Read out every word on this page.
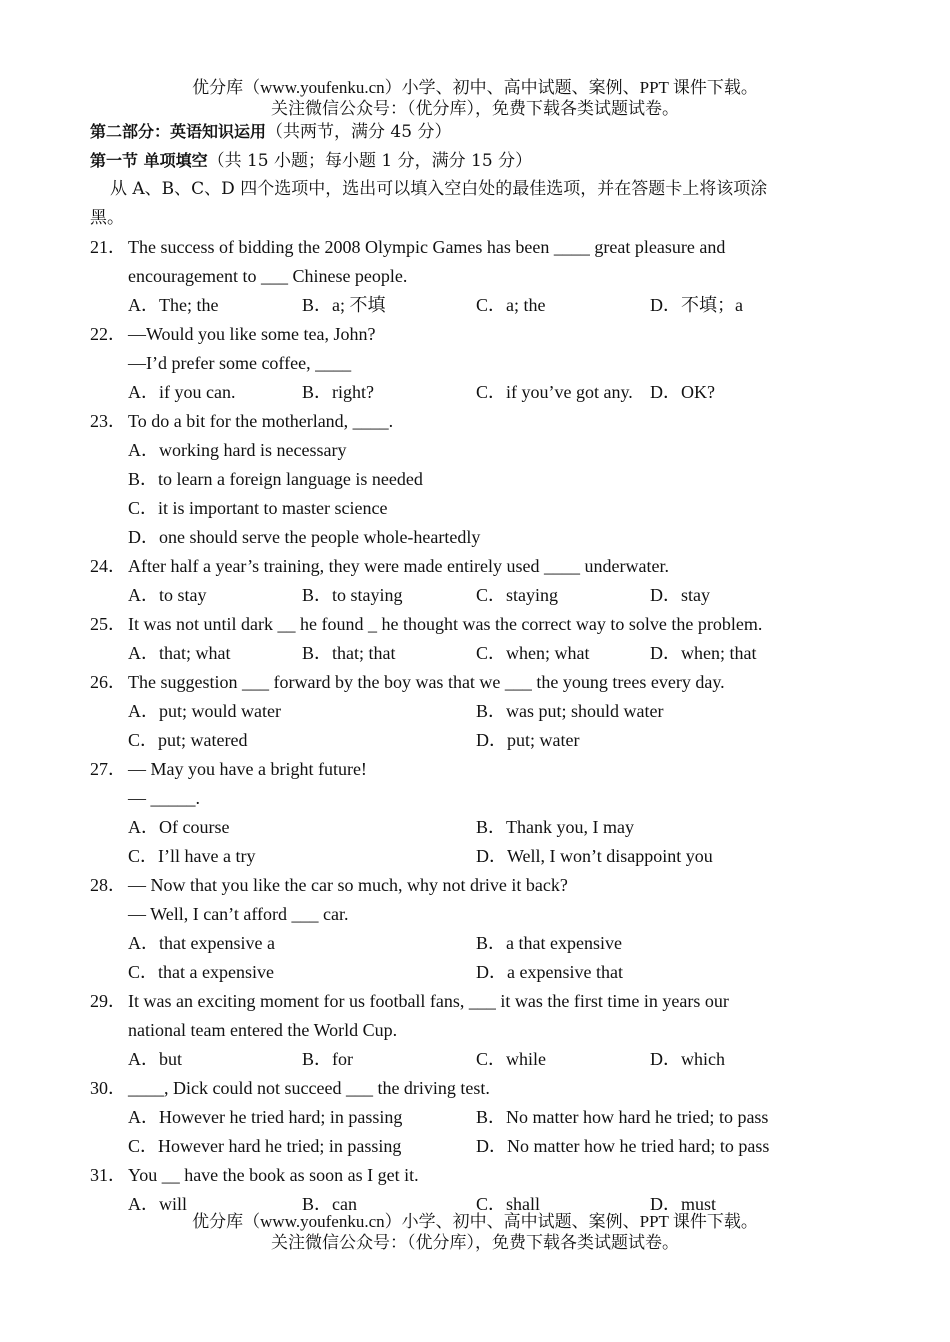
优分库（www.youfenku.cn）小学、初中、高中试题、案例、PPT 课件下载。
关注微信公众号：（优分库），免费下载各类试题试卷。
第二部分：英语知识运用（共两节，满分 45 分）
第一节 单项填空（共 15 小题；每小题 1 分，满分 15 分）
从 A、B、C、D 四个选项中，选出可以填入空白处的最佳选项，并在答题卡上将该项涂
黑。
21． The success of bidding the 2008 Olympic Games has been ____ great pleasure and
encouragement to ___ Chinese people.
A．The; the	B．a; 不填	C．a; the	D．不填；a
22． —Would you like some tea, John?
—I’d prefer some coffee, ____
A．if you can.	B．right?	C．if you’ve got any. D．OK?
23． To do a bit for the motherland, ____.
A．working hard is necessary
B．to learn a foreign language is needed
C．it is important to master science
D．one should serve the people whole-heartedly
24． After half a year’s training, they were made entirely used ____ underwater.
A．to stay	B．to staying	C．staying	D．stay
25． It was not until dark __ he found _ he thought was the correct way to solve the problem.
A．that; what	B．that; that	C．when; what	D．when; that
26． The suggestion ___ forward by the boy was that we ___ the young trees every day.
A．put; would water	B．was put; should water
C．put; watered	D．put; water
27． — May you have a bright future!
— _____.
A．Of course	B．Thank you, I may
C．I’ll have a try	D．Well, I won’t disappoint you
28． — Now that you like the car so much, why not drive it back?
— Well, I can’t afford ___ car.
A．that expensive a	B．a that expensive
C．that a expensive	D．a expensive that
29． It was an exciting moment for us football fans, ___ it was the first time in years our
national team entered the World Cup.
A．but	B．for	C．while	D．which
30． ____, Dick could not succeed ___ the driving test.
A．However he tried hard; in passing	B．No matter how hard he tried; to pass
C．However hard he tried; in passing	D．No matter how he tried hard; to pass
31． You __ have the book as soon as I get it.
A．will	B．can	C．shall	D．must
优分库（www.youfenku.cn）小学、初中、高中试题、案例、PPT 课件下载。
关注微信公众号：（优分库），免费下载各类试题试卷。
